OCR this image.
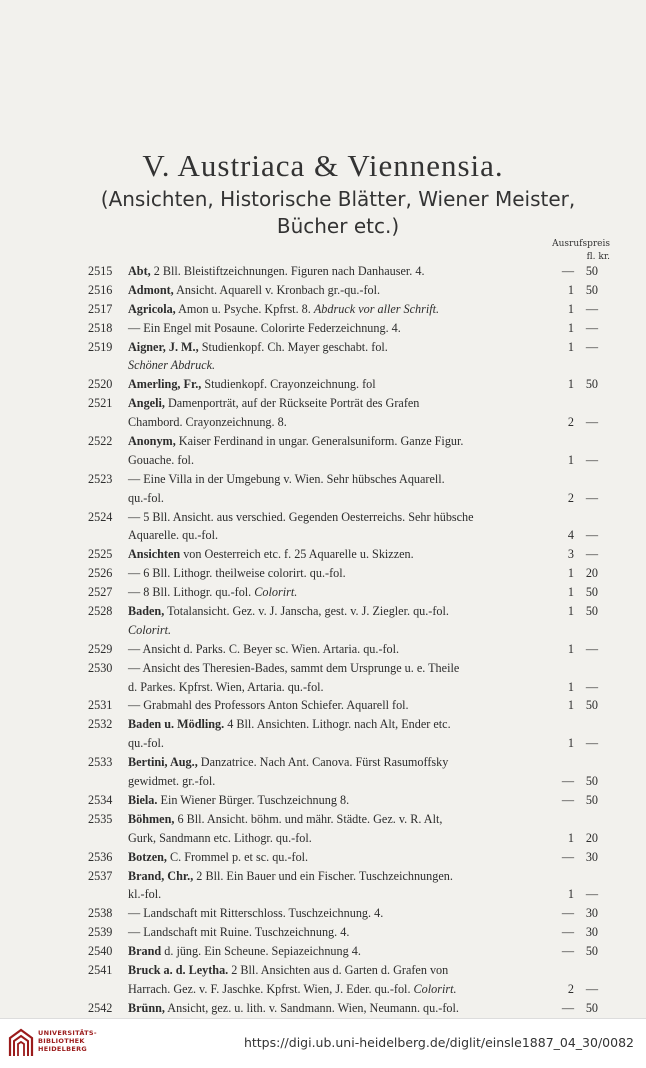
V. Austriaca & Viennensia.
(Ansichten, Historische Blätter, Wiener Meister, Bücher etc.)
Ausrufspreis
fl. kr.
2515	Abt, 2 Bll. Bleistiftzeichnungen. Figuren nach Danhauser. 4.	— 50
2516	Admont, Ansicht. Aquarell v. Kronbach gr.-qu.-fol.	1 50
2517	Agricola, Amon u. Psyche. Kpfrst. 8. Abdruck vor aller Schrift.	1 —
2518	— Ein Engel mit Posaune. Colorirte Federzeichnung. 4.	1 —
2519	Aigner, J. M., Studienkopf. Ch. Mayer geschabt. fol.	1 —
Schöner Abdruck.
2520	Amerling, Fr., Studienkopf. Crayonzeichnung. fol	1 50
2521	Angeli, Damenporträt, auf der Rückseite Porträt des Grafen
Chambord. Crayonzeichnung. 8.	2 —
2522	Anonym, Kaiser Ferdinand in ungar. Generalsuniform. Ganze Figur.
Gouache. fol.	1 —
2523	— Eine Villa in der Umgebung v. Wien. Sehr hübsches Aquarell.
qu.-fol.	2 —
2524	— 5 Bll. Ansicht. aus verschied. Gegenden Oesterreichs. Sehr hübsche
Aquarelle. qu.-fol.	4 —
2525	Ansichten von Oesterreich etc. f. 25 Aquarelle u. Skizzen.	3 —
2526	— 6 Bll. Lithogr. theilweise colorirt. qu.-fol.	1 20
2527	— 8 Bll. Lithogr. qu.-fol. Colorirt.	1 50
2528	Baden, Totalansicht. Gez. v. J. Janscha, gest. v. J. Ziegler. qu.-fol.	1 50
Colorirt.
2529	— Ansicht d. Parks. C. Beyer sc. Wien. Artaria. qu.-fol.	1 —
2530	— Ansicht des Theresien-Bades, sammt dem Ursprunge u. e. Theile
d. Parkes. Kpfrst. Wien, Artaria. qu.-fol.	1 —
2531	— Grabmahl des Professors Anton Schiefer. Aquarell fol.	1 50
2532	Baden u. Mödling. 4 Bll. Ansichten. Lithogr. nach Alt, Ender etc.
qu.-fol.	1 —
2533	Bertini, Aug., Danzatrice. Nach Ant. Canova. Fürst Rasumoffsky
gewidmet. gr.-fol.	— 50
2534	Biela. Ein Wiener Bürger. Tuschzeichnung 8.	— 50
2535	Böhmen, 6 Bll. Ansicht. böhm. und mähr. Städte. Gez. v. R. Alt,
Gurk, Sandmann etc. Lithogr. qu.-fol.	1 20
2536	Botzen, C. Frommel p. et sc. qu.-fol.	— 30
2537	Brand, Chr., 2 Bll. Ein Bauer und ein Fischer. Tuschzeichnungen.
kl.-fol.	1 —
2538	— Landschaft mit Ritterschloss. Tuschzeichnung. 4.	— 30
2539	— Landschaft mit Ruine. Tuschzeichnung. 4.	— 30
2540	Brand d. jüng. Ein Scheune. Sepiazeichnung 4.	— 50
2541	Bruck a. d. Leytha. 2 Bll. Ansichten aus d. Garten d. Grafen von
Harrach. Gez. v. F. Jaschke. Kpfrst. Wien, J. Eder. qu.-fol. Colorirt.	2 —
2542	Brünn, Ansicht, gez. u. lith. v. Sandmann. Wien, Neumann. qu.-fol.	— 50
UNIVERSITÄTS-
BIBLIOTHEK
HEIDELBERG	https://digi.ub.uni-heidelberg.de/diglit/einsle1887_04_30/0082
